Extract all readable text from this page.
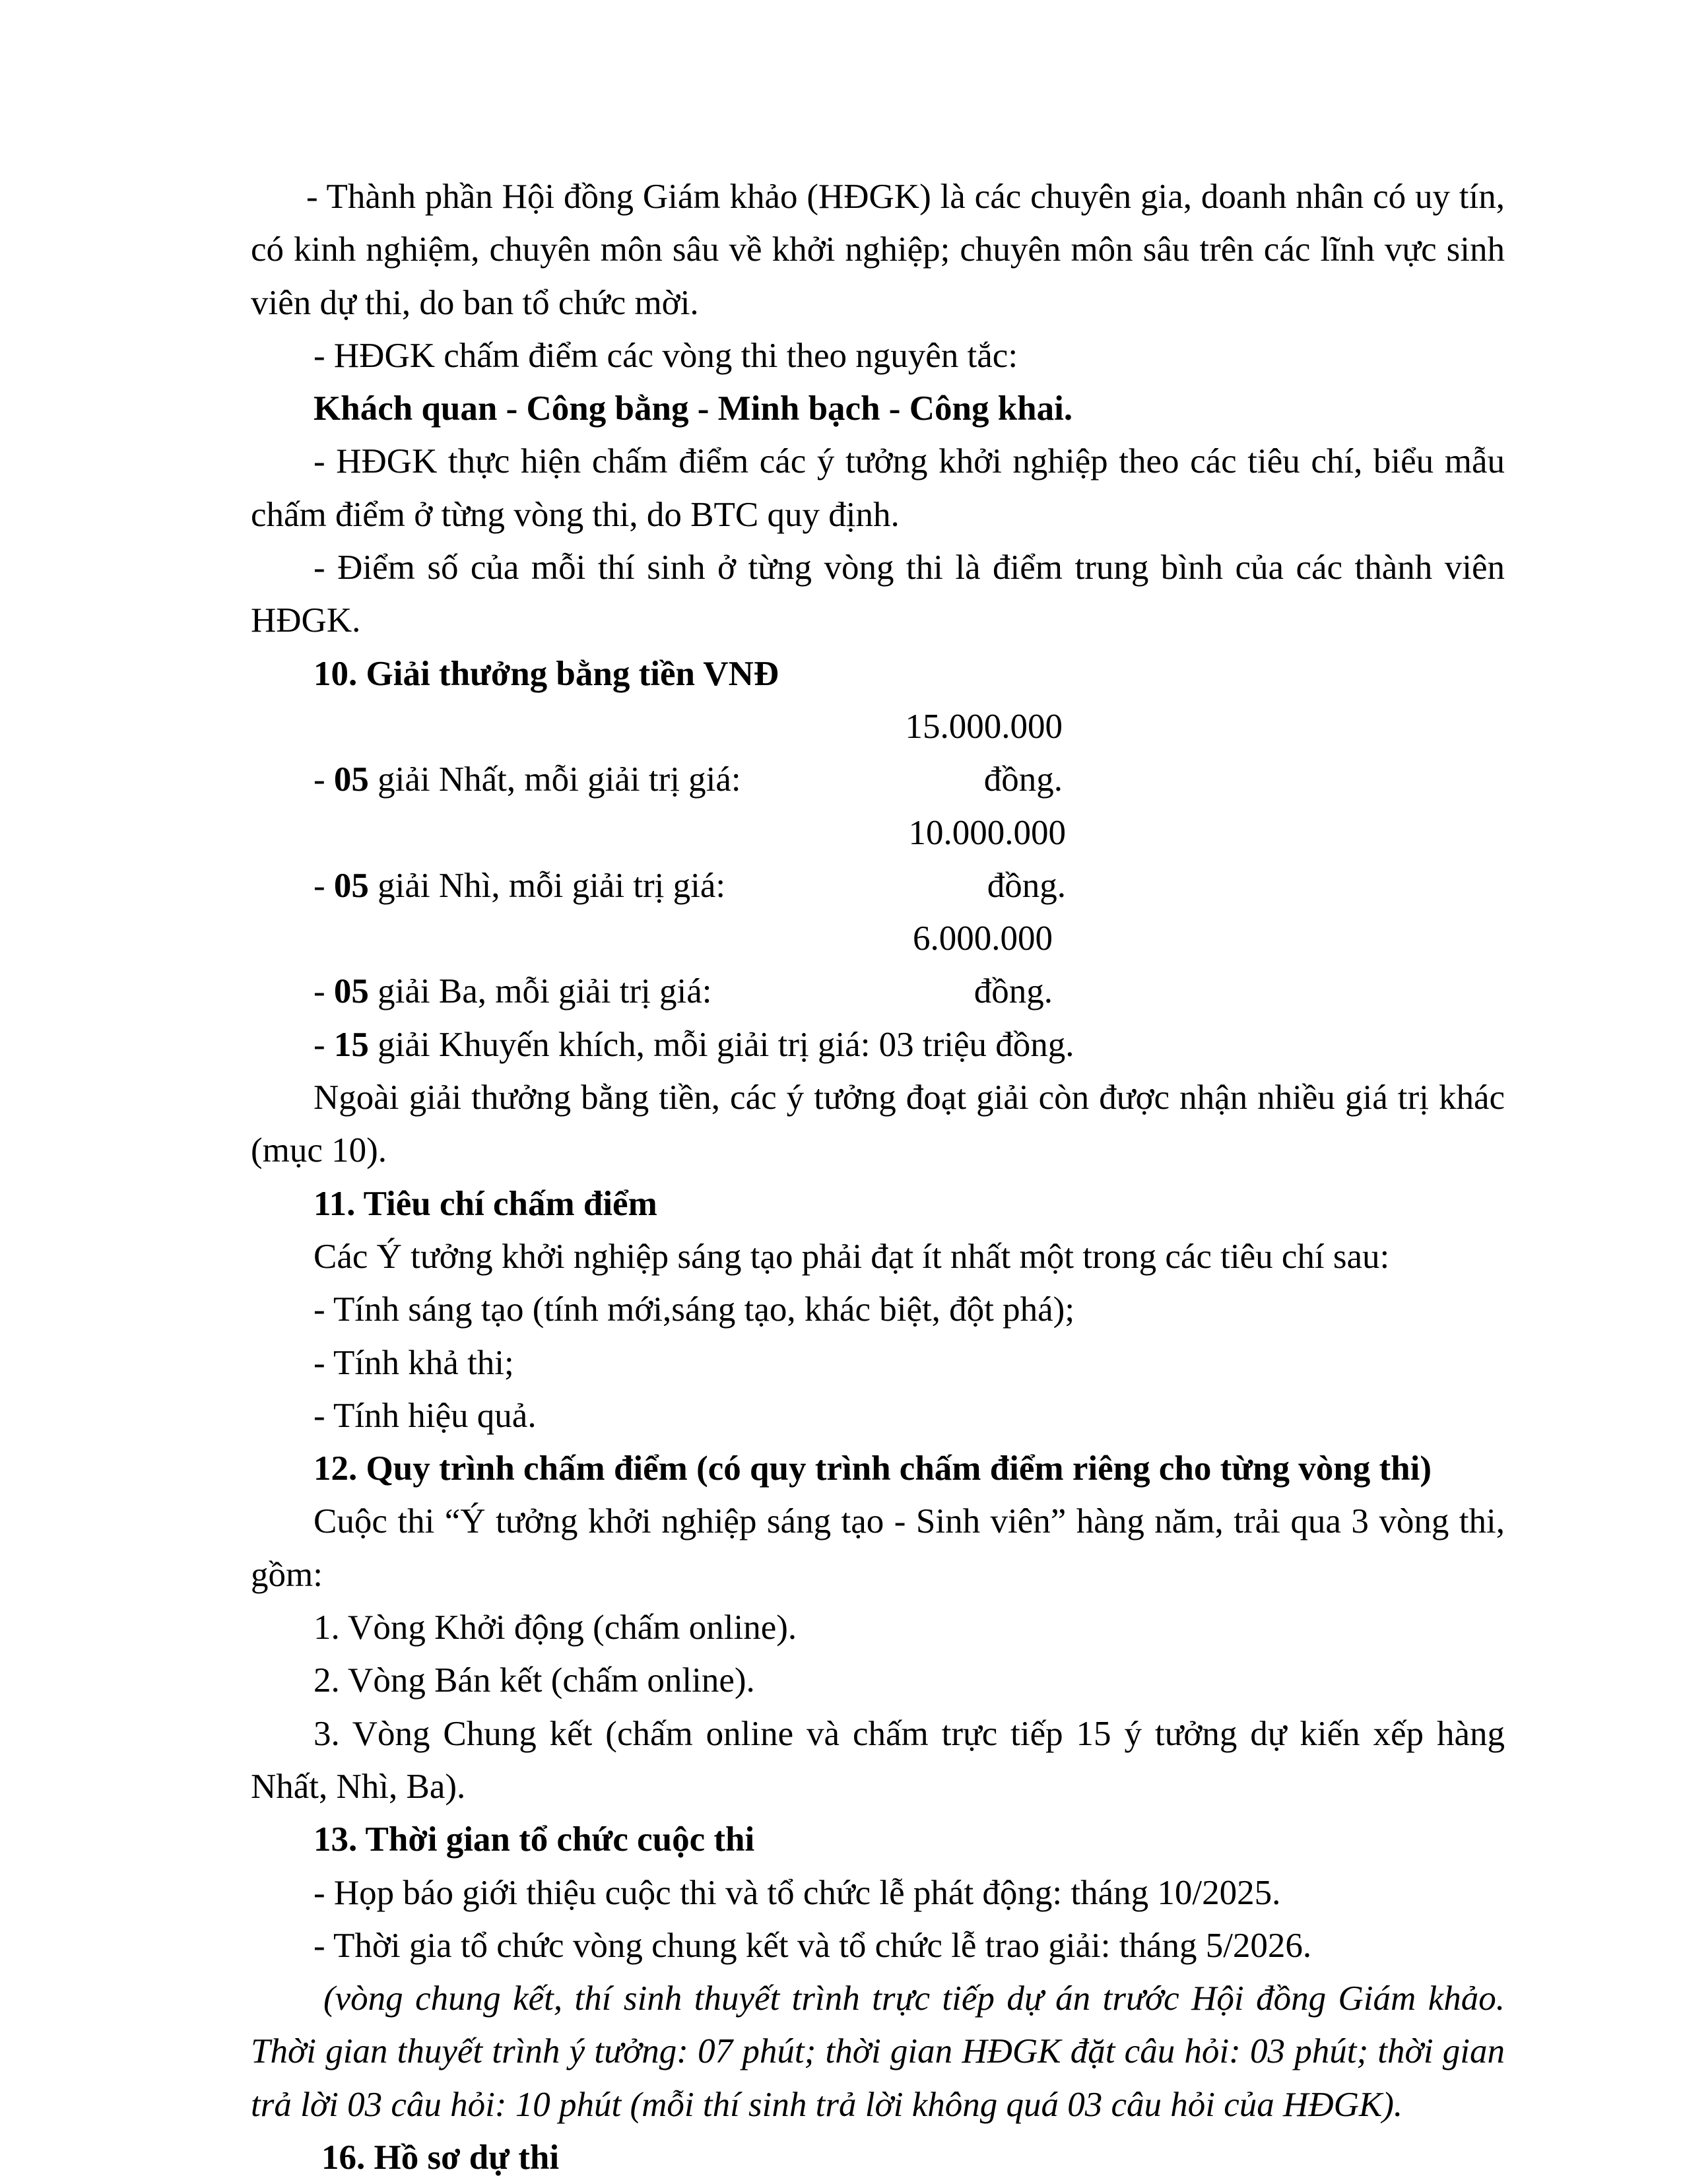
- Thành phần Hội đồng Giám khảo (HĐGK) là các chuyên gia, doanh nhân có uy tín, có kinh nghiệm, chuyên môn sâu về khởi nghiệp; chuyên môn sâu trên các lĩnh vực sinh viên dự thi, do ban tổ chức mời.

- HĐGK chấm điểm các vòng thi theo nguyên tắc:

Khách quan - Công bằng - Minh bạch - Công khai.

- HĐGK thực hiện chấm điểm các ý tưởng khởi nghiệp theo các tiêu chí, biểu mẫu chấm điểm ở từng vòng thi, do BTC quy định.

- Điểm số của mỗi thí sinh ở từng vòng thi là điểm trung bình của các thành viên HĐGK.

10. Giải thưởng bằng tiền VNĐ

- 05 giải Nhất, mỗi giải trị giá:15.000.000 đồng.
- 05 giải Nhì, mỗi giải trị giá:10.000.000 đồng.
- 05 giải Ba, mỗi giải trị giá:6.000.000 đồng.
- 15 giải Khuyến khích, mỗi giải trị giá: 03 triệu đồng.

Ngoài giải thưởng bằng tiền, các ý tưởng đoạt giải còn được nhận nhiều giá trị khác (mục 10).

11. Tiêu chí chấm điểm

Các Ý tưởng khởi nghiệp sáng tạo phải đạt ít nhất một trong các tiêu chí sau:

- Tính sáng tạo (tính mới,sáng tạo, khác biệt, đột phá);

- Tính khả thi;

- Tính hiệu quả.

12. Quy trình chấm điểm (có quy trình chấm điểm riêng cho từng vòng thi)

Cuộc thi “Ý tưởng khởi nghiệp sáng tạo - Sinh viên” hàng năm, trải qua 3 vòng thi, gồm:

1. Vòng Khởi động (chấm online).

2. Vòng Bán kết (chấm online).

3. Vòng Chung kết (chấm online và chấm trực tiếp 15 ý tưởng dự kiến xếp hàng Nhất, Nhì, Ba).

13. Thời gian tổ chức cuộc thi

- Họp báo giới thiệu cuộc thi và tổ chức lễ phát động: tháng 10/2025.

- Thời gia tổ chức vòng chung kết và tổ chức lễ trao giải: tháng 5/2026.

(vòng chung kết, thí sinh thuyết trình trực tiếp dự án trước Hội đồng Giám khảo. Thời gian thuyết trình ý tưởng: 07 phút; thời gian HĐGK đặt câu hỏi: 03 phút; thời gian trả lời 03 câu hỏi: 10 phút (mỗi thí sinh trả lời không quá 03 câu hỏi của HĐGK).

16. Hồ sơ dự thi
